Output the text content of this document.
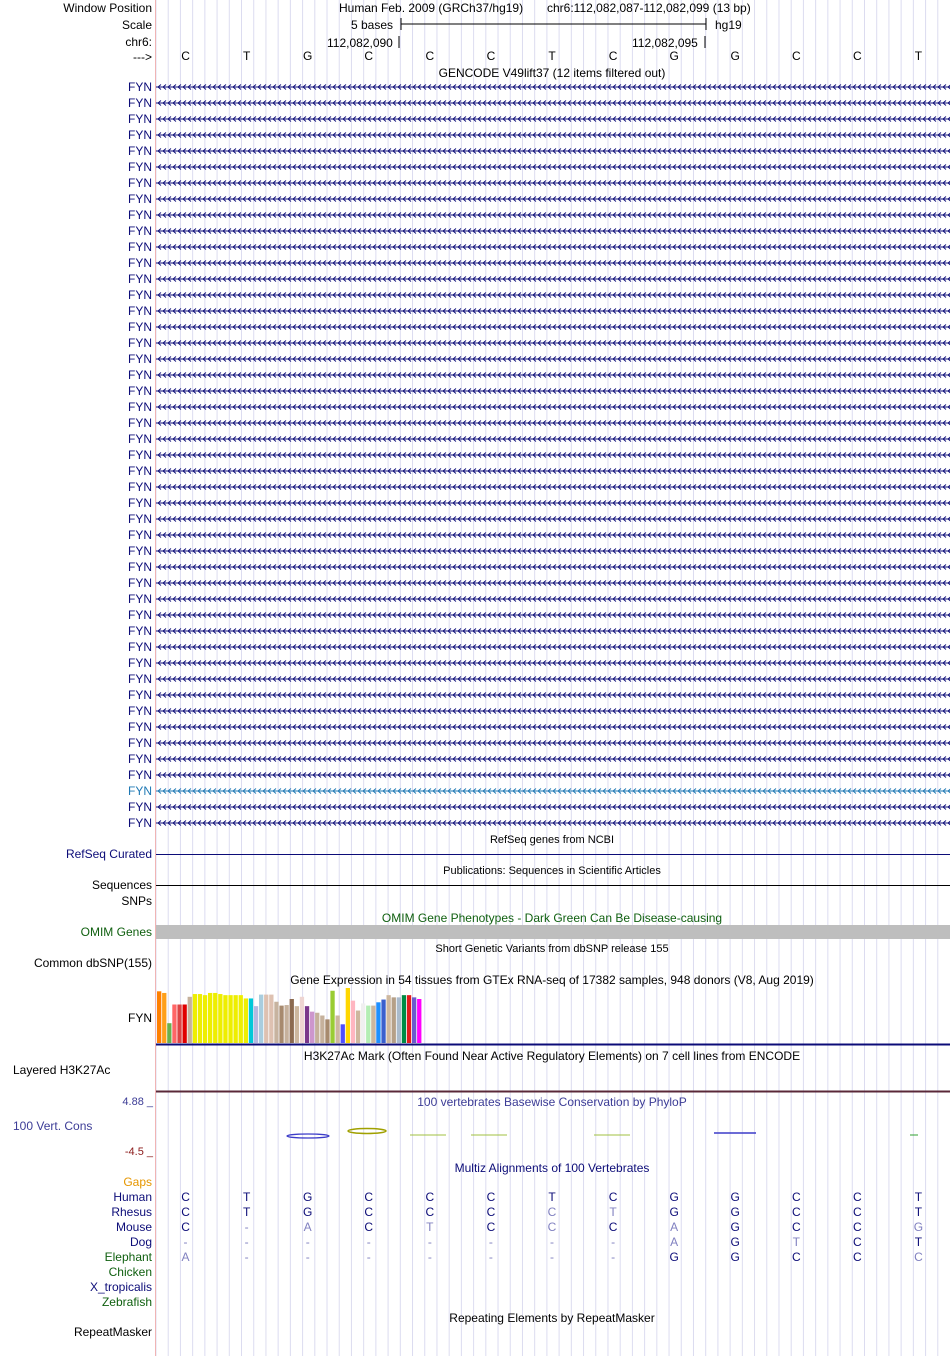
Window Position
Scale
chr6:
--->
Human Feb. 2009 (GRCh37/hg19) chr6:112,082,087-112,082,099 (13 bp)
5 bases	hg19
112,082,090	112,082,095
GENCODE V49lift37 (12 items filtered out)
RefSeq genes from NCBI
RefSeq Curated
Publications: Sequences in Scientific Articles
Sequences
SNPs
OMIM Gene Phenotypes - Dark Green Can Be Disease-causing
OMIM Genes
Short Genetic Variants from dbSNP release 155
Common dbSNP(155)
Gene Expression in 54 tissues from GTEx RNA-seq of 17382 samples, 948 donors (V8, Aug 2019)
FYN
H3K27Ac Mark (Often Found Near Active Regulatory Elements) on 7 cell lines from ENCODE
Layered H3K27Ac
100 vertebrates Basewise Conservation by PhyloP
100 Vert. Cons
4.88 _
-4.5 _
Multiz Alignments of 100 Vertebrates
Gaps
Repeating Elements by RepeatMasker
RepeatMasker
C	T	G	C	C	C	T	C	G	G	C	C	T
FYN
FYN
FYN
FYN
FYN
FYN
FYN
FYN
FYN
FYN
FYN
FYN
FYN
FYN
FYN
FYN
FYN
FYN
FYN
FYN
FYN
FYN
FYN
FYN
FYN
FYN
FYN
FYN
FYN
FYN
FYN
FYN
FYN
FYN
FYN
FYN
FYN
FYN
FYN
FYN
FYN
FYN
FYN
FYN
FYN
FYN
FYN
Human C	T	G	C	C	C	T	C	G	G	C	C	T
Rhesus C	T	G	C	C	C	C	T	G	G	C	C	T
Mouse C	-	A	C	T	C	C	C	A	G	C	C	G
Dog	-	-	-	-	-	-	-	-	A	G	T	C	T
Elephant A	-	-	-	-	-	-	-	G	G	C	C	C
Chicken
X_tropicalis
Zebrafish
